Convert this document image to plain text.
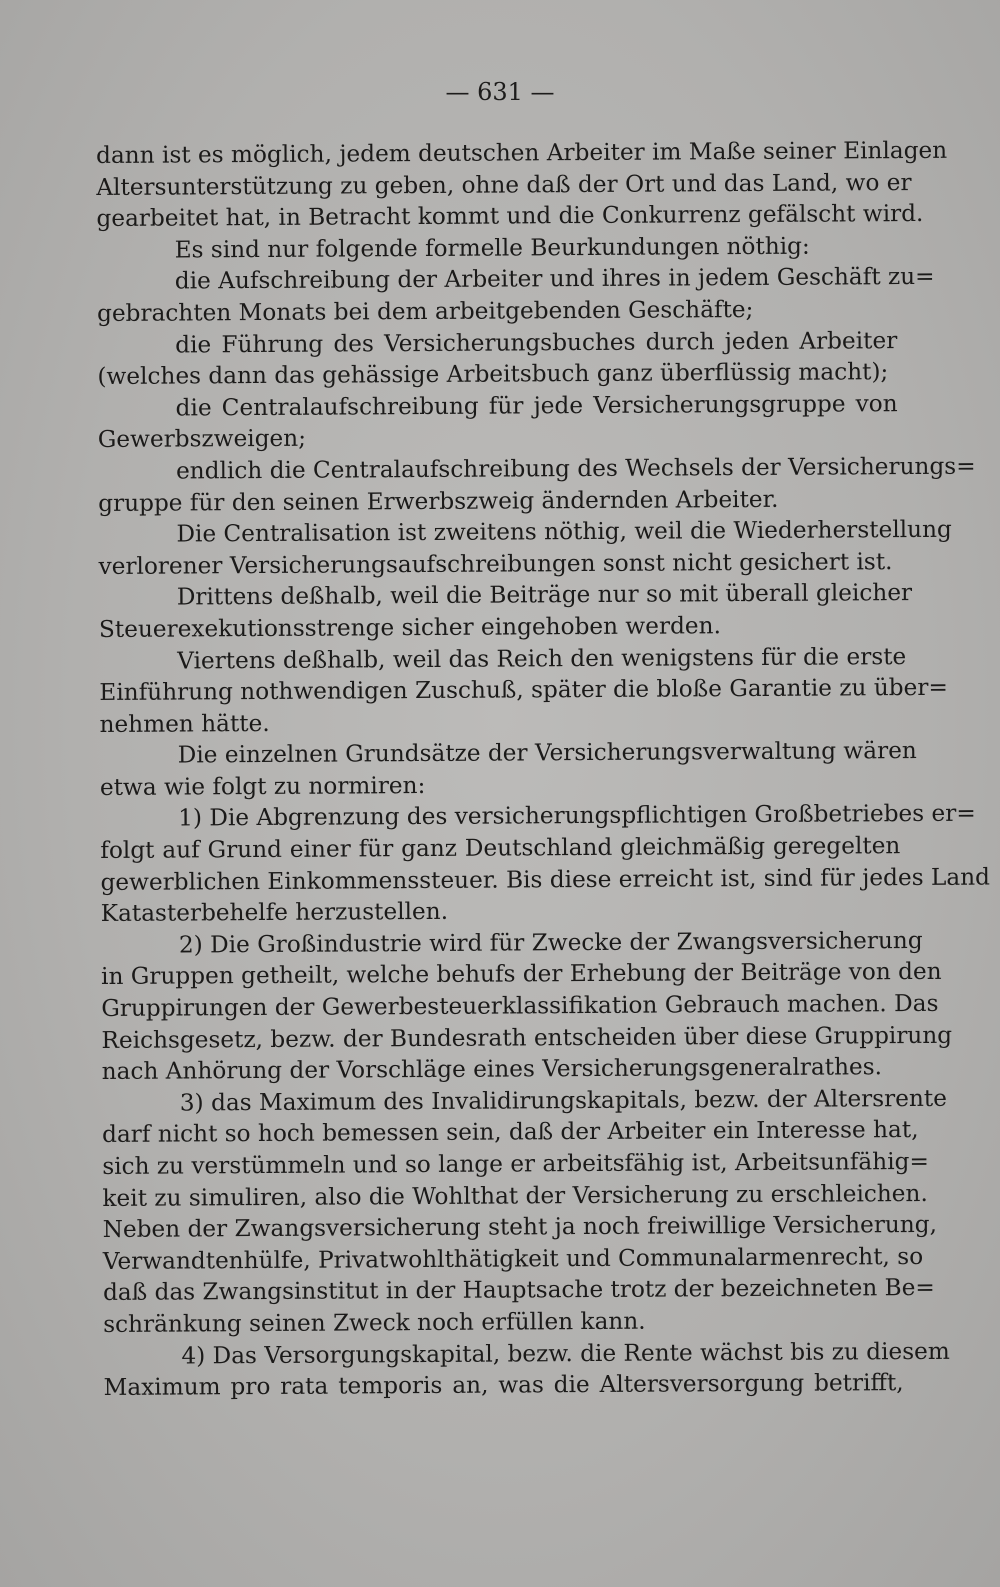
— 631 —
dann ist es möglich, jedem deutschen Arbeiter im Maße seiner Einlagen
Altersunterstützung zu geben, ohne daß der Ort und das Land, wo er
gearbeitet hat, in Betracht kommt und die Conkurrenz gefälscht wird.
Es sind nur folgende formelle Beurkundungen nöthig:
die Aufschreibung der Arbeiter und ihres in jedem Geschäft zu=
gebrachten Monats bei dem arbeitgebenden Geschäfte;
die Führung des Versicherungsbuches durch jeden Arbeiter
(welches dann das gehässige Arbeitsbuch ganz überflüssig macht);
die Centralaufschreibung für jede Versicherungsgruppe von
Gewerbszweigen;
endlich die Centralaufschreibung des Wechsels der Versicherungs=
gruppe für den seinen Erwerbszweig ändernden Arbeiter.
Die Centralisation ist zweitens nöthig, weil die Wiederherstellung
verlorener Versicherungsaufschreibungen sonst nicht gesichert ist.
Drittens deßhalb, weil die Beiträge nur so mit überall gleicher
Steuerexekutionsstrenge sicher eingehoben werden.
Viertens deßhalb, weil das Reich den wenigstens für die erste
Einführung nothwendigen Zuschuß, später die bloße Garantie zu über=
nehmen hätte.
Die einzelnen Grundsätze der Versicherungsverwaltung wären
etwa wie folgt zu normiren:
1) Die Abgrenzung des versicherungspflichtigen Großbetriebes er=
folgt auf Grund einer für ganz Deutschland gleichmäßig geregelten
gewerblichen Einkommenssteuer. Bis diese erreicht ist, sind für jedes Land
Katasterbehelfe herzustellen.
2) Die Großindustrie wird für Zwecke der Zwangsversicherung
in Gruppen getheilt, welche behufs der Erhebung der Beiträge von den
Gruppirungen der Gewerbesteuerklassifikation Gebrauch machen. Das
Reichsgesetz, bezw. der Bundesrath entscheiden über diese Gruppirung
nach Anhörung der Vorschläge eines Versicherungsgeneralrathes.
3) das Maximum des Invalidirungskapitals, bezw. der Altersrente
darf nicht so hoch bemessen sein, daß der Arbeiter ein Interesse hat,
sich zu verstümmeln und so lange er arbeitsfähig ist, Arbeitsunfähig=
keit zu simuliren, also die Wohlthat der Versicherung zu erschleichen.
Neben der Zwangsversicherung steht ja noch freiwillige Versicherung,
Verwandtenhülfe, Privatwohlthätigkeit und Communalarmenrecht, so
daß das Zwangsinstitut in der Hauptsache trotz der bezeichneten Be=
schränkung seinen Zweck noch erfüllen kann.
4) Das Versorgungskapital, bezw. die Rente wächst bis zu diesem
Maximum pro rata temporis an, was die Altersversorgung betrifft,
